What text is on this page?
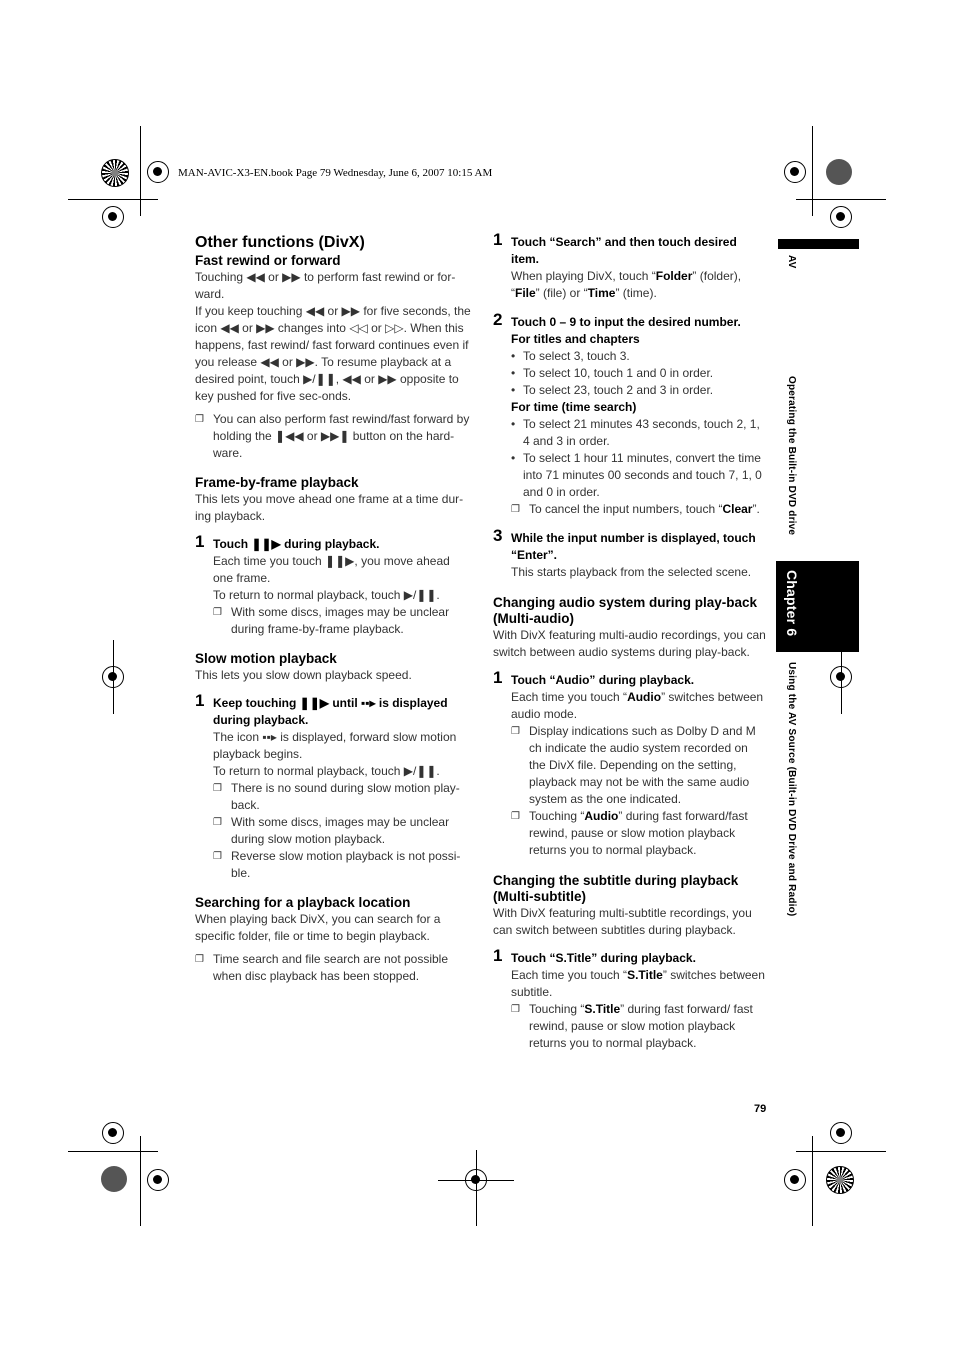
MAN-AVIC-X3-EN.book Page 79 Wednesday, June 6, 2007 10:15 AM
AV
Operating the Built-in DVD drive
Chapter 6
Using the AV Source (Built-in DVD Drive and Radio)

Other functions (DivX)

Fast rewind or forward

Touching ◀◀ or ▶▶ to perform fast rewind or for-ward.

If you keep touching ◀◀ or ▶▶ for five seconds, the icon ◀◀ or ▶▶ changes into ◁◁ or ▷▷. When this happens, fast rewind/ fast forward continues even if you release ◀◀ or ▶▶. To resume playback at a desired point, touch ▶/❚❚, ◀◀ or ▶▶ opposite to key pushed for five sec-onds.

❐ You can also perform fast rewind/fast forward by holding the ❚◀◀ or ▶▶❚ button on the hard-ware.

Frame-by-frame playback

This lets you move ahead one frame at a time dur-ing playback.

1 Touch ❚❚▶ during playback.

Each time you touch ❚❚▶, you move ahead one frame.

To return to normal playback, touch ▶/❚❚.

❐ With some discs, images may be unclear during frame-by-frame playback.

Slow motion playback

This lets you slow down playback speed.

1 Keep touching ❚❚▶ until ▪▪▸ is displayed during playback.

The icon ▪▪▸ is displayed, forward slow motion playback begins.

To return to normal playback, touch ▶/❚❚.

❐ There is no sound during slow motion play-back.

❐ With some discs, images may be unclear during slow motion playback.

❐ Reverse slow motion playback is not possi-ble.

Searching for a playback location

When playing back DivX, you can search for a specific folder, file or time to begin playback.

❐ Time search and file search are not possible when disc playback has been stopped.

1 Touch “Search” and then touch desired item.

When playing DivX, touch “Folder” (folder), “File” (file) or “Time” (time).

2 Touch 0 – 9 to input the desired number.

For titles and chapters

• To select 3, touch 3.

• To select 10, touch 1 and 0 in order.

• To select 23, touch 2 and 3 in order.

For time (time search)

• To select 21 minutes 43 seconds, touch 2, 1, 4 and 3 in order.

• To select 1 hour 11 minutes, convert the time into 71 minutes 00 seconds and touch 7, 1, 0 and 0 in order.

❐ To cancel the input numbers, touch “Clear”.

3 While the input number is displayed, touch “Enter”.

This starts playback from the selected scene.

Changing audio system during play-back (Multi-audio)

With DivX featuring multi-audio recordings, you can switch between audio systems during play-back.

1 Touch “Audio” during playback.

Each time you touch “Audio” switches between audio mode.

❐ Display indications such as Dolby D and M ch indicate the audio system recorded on the DivX file. Depending on the setting, playback may not be with the same audio system as the one indicated.

❐ Touching “Audio” during fast forward/fast rewind, pause or slow motion playback returns you to normal playback.

Changing the subtitle during playback (Multi-subtitle)

With DivX featuring multi-subtitle recordings, you can switch between subtitles during playback.

1 Touch “S.Title” during playback.

Each time you touch “S.Title” switches between subtitle.

❐ Touching “S.Title” during fast forward/ fast rewind, pause or slow motion playback returns you to normal playback.

79
